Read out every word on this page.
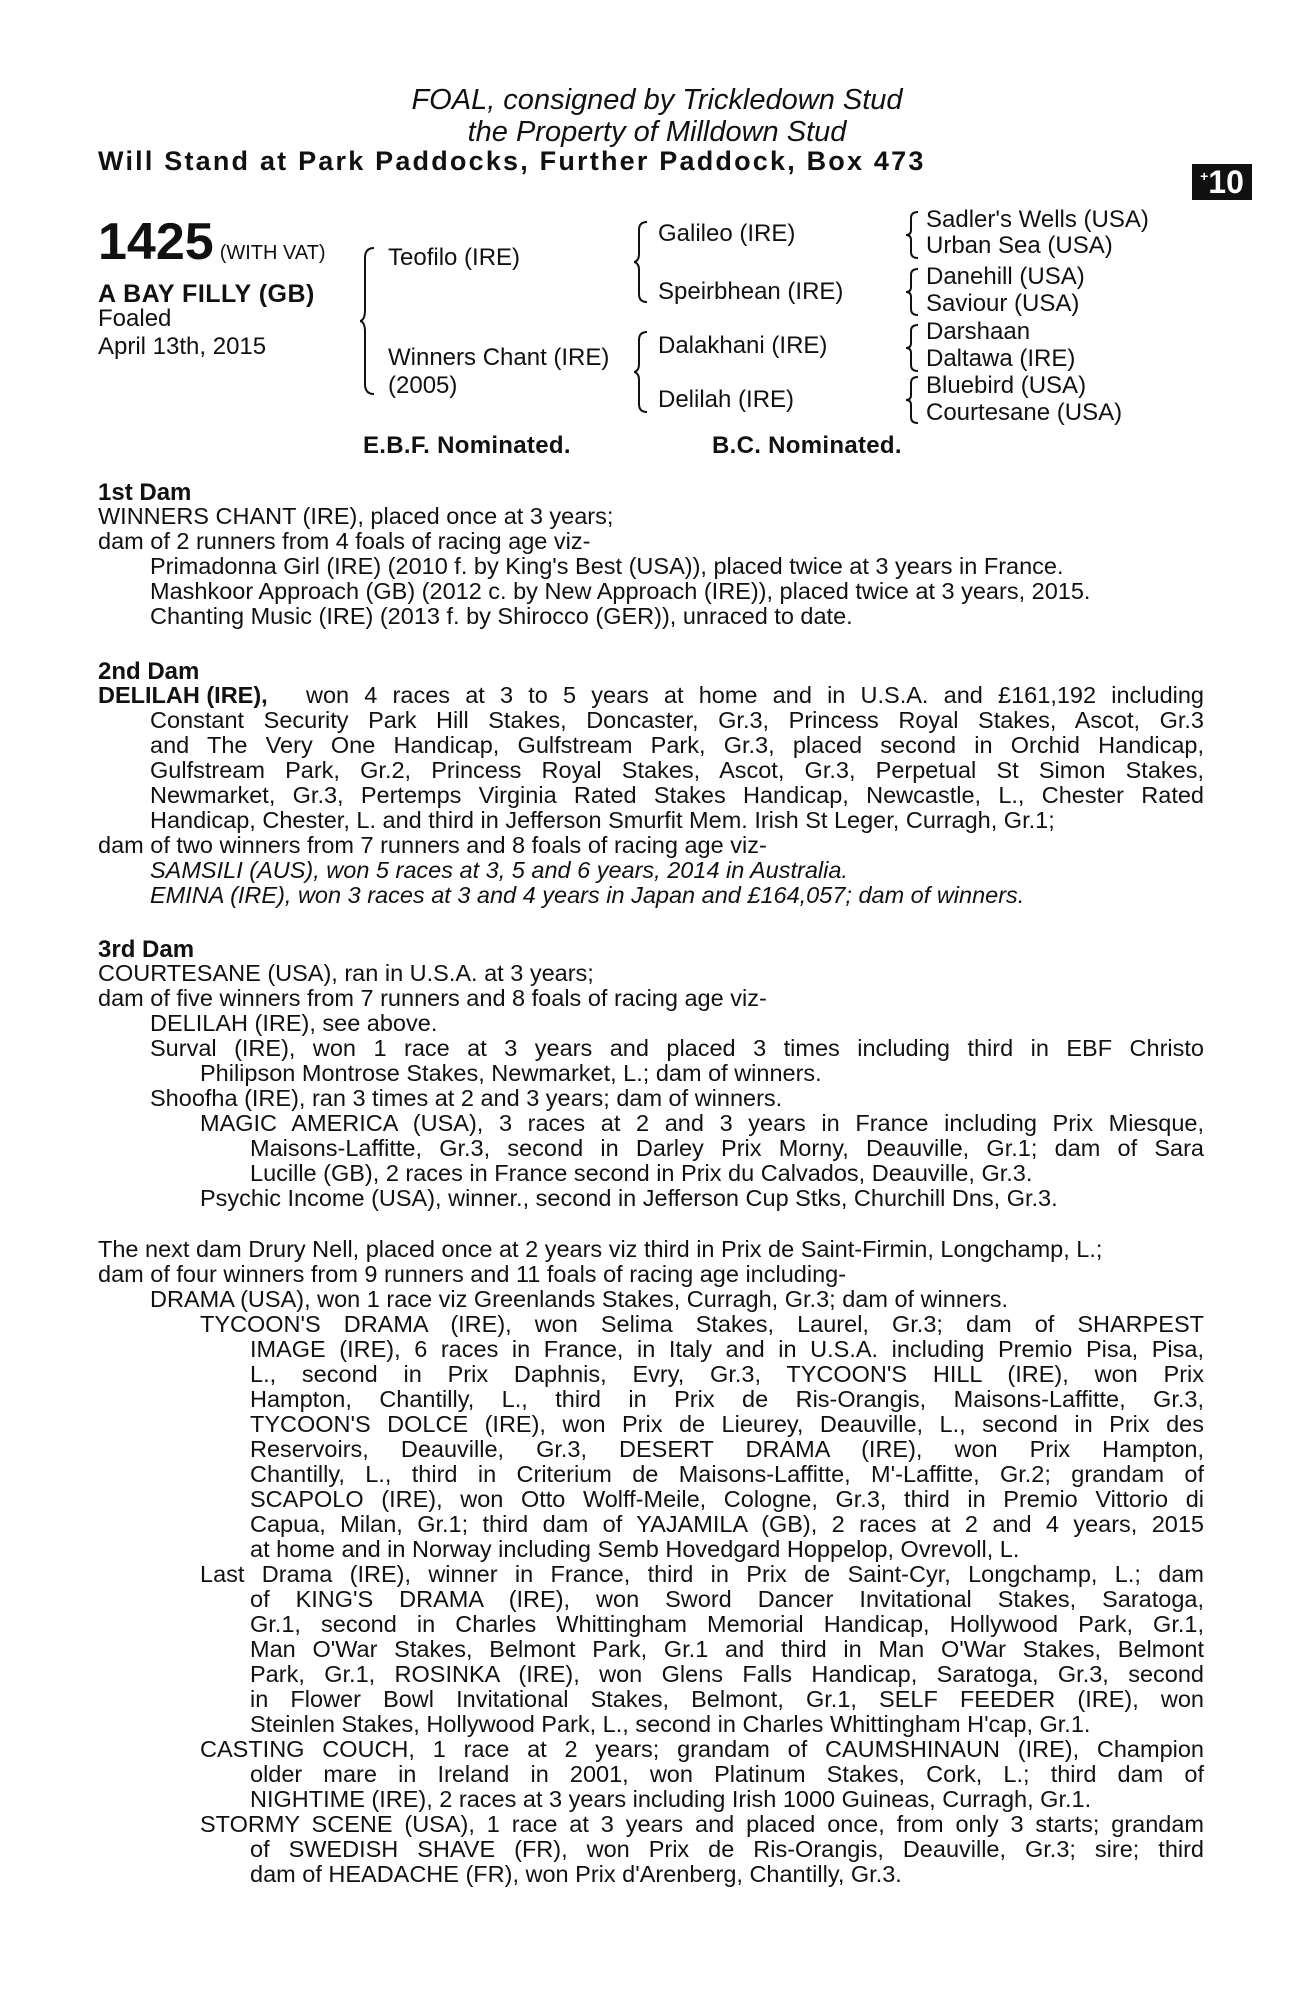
FOAL, consigned by Trickledown Stud
the Property of Milldown Stud
Will Stand at Park Paddocks, Further Paddock, Box 473	+10
1425 (WITH VAT)
A BAY FILLY (GB)
Foaled
April 13th, 2015
Teofilo (IRE)
Winners Chant (IRE)
(2005)
Galileo (IRE)
Speirbhean (IRE)
Dalakhani (IRE)
Delilah (IRE)
Sadler's Wells (USA)
Urban Sea (USA)
Danehill (USA)
Saviour (USA)
Darshaan
Daltawa (IRE)
Bluebird (USA)
Courtesane (USA)
E.B.F. Nominated.	B.C. Nominated.
1st Dam
WINNERS CHANT (IRE), placed once at 3 years;
dam of 2 runners from 4 foals of racing age viz-
Primadonna Girl (IRE) (2010 f. by King's Best (USA)), placed twice at 3 years in France.
Mashkoor Approach (GB) (2012 c. by New Approach (IRE)), placed twice at 3 years, 2015.
Chanting Music (IRE) (2013 f. by Shirocco (GER)), unraced to date.
2nd Dam
DELILAH (IRE), won 4 races at 3 to 5 years at home and in U.S.A. and £161,192 including
Constant Security Park Hill Stakes, Doncaster, Gr.3, Princess Royal Stakes, Ascot, Gr.3
and The Very One Handicap, Gulfstream Park, Gr.3, placed second in Orchid Handicap,
Gulfstream Park, Gr.2, Princess Royal Stakes, Ascot, Gr.3, Perpetual St Simon Stakes,
Newmarket, Gr.3, Pertemps Virginia Rated Stakes Handicap, Newcastle, L., Chester Rated
Handicap, Chester, L. and third in Jefferson Smurfit Mem. Irish St Leger, Curragh, Gr.1;
dam of two winners from 7 runners and 8 foals of racing age viz-
SAMSILI (AUS), won 5 races at 3, 5 and 6 years, 2014 in Australia.
EMINA (IRE), won 3 races at 3 and 4 years in Japan and £164,057; dam of winners.
3rd Dam
COURTESANE (USA), ran in U.S.A. at 3 years;
dam of five winners from 7 runners and 8 foals of racing age viz-
DELILAH (IRE), see above.
Surval (IRE), won 1 race at 3 years and placed 3 times including third in EBF Christo
Philipson Montrose Stakes, Newmarket, L.; dam of winners.
Shoofha (IRE), ran 3 times at 2 and 3 years; dam of winners.
MAGIC AMERICA (USA), 3 races at 2 and 3 years in France including Prix Miesque,
Maisons-Laffitte, Gr.3, second in Darley Prix Morny, Deauville, Gr.1; dam of Sara
Lucille (GB), 2 races in France second in Prix du Calvados, Deauville, Gr.3.
Psychic Income (USA), winner., second in Jefferson Cup Stks, Churchill Dns, Gr.3.
The next dam Drury Nell, placed once at 2 years viz third in Prix de Saint-Firmin, Longchamp, L.;
dam of four winners from 9 runners and 11 foals of racing age including-
DRAMA (USA), won 1 race viz Greenlands Stakes, Curragh, Gr.3; dam of winners.
TYCOON'S DRAMA (IRE), won Selima Stakes, Laurel, Gr.3; dam of SHARPEST
IMAGE (IRE), 6 races in France, in Italy and in U.S.A. including Premio Pisa, Pisa,
L., second in Prix Daphnis, Evry, Gr.3, TYCOON'S HILL (IRE), won Prix
Hampton, Chantilly, L., third in Prix de Ris-Orangis, Maisons-Laffitte, Gr.3,
TYCOON'S DOLCE (IRE), won Prix de Lieurey, Deauville, L., second in Prix des
Reservoirs, Deauville, Gr.3, DESERT DRAMA (IRE), won Prix Hampton,
Chantilly, L., third in Criterium de Maisons-Laffitte, M'-Laffitte, Gr.2; grandam of
SCAPOLO (IRE), won Otto Wolff-Meile, Cologne, Gr.3, third in Premio Vittorio di
Capua, Milan, Gr.1; third dam of YAJAMILA (GB), 2 races at 2 and 4 years, 2015
at home and in Norway including Semb Hovedgard Hoppelop, Ovrevoll, L.
Last Drama (IRE), winner in France, third in Prix de Saint-Cyr, Longchamp, L.; dam
of KING'S DRAMA (IRE), won Sword Dancer Invitational Stakes, Saratoga,
Gr.1, second in Charles Whittingham Memorial Handicap, Hollywood Park, Gr.1,
Man O'War Stakes, Belmont Park, Gr.1 and third in Man O'War Stakes, Belmont
Park, Gr.1, ROSINKA (IRE), won Glens Falls Handicap, Saratoga, Gr.3, second
in Flower Bowl Invitational Stakes, Belmont, Gr.1, SELF FEEDER (IRE), won
Steinlen Stakes, Hollywood Park, L., second in Charles Whittingham H'cap, Gr.1.
CASTING COUCH, 1 race at 2 years; grandam of CAUMSHINAUN (IRE), Champion
older mare in Ireland in 2001, won Platinum Stakes, Cork, L.; third dam of
NIGHTIME (IRE), 2 races at 3 years including Irish 1000 Guineas, Curragh, Gr.1.
STORMY SCENE (USA), 1 race at 3 years and placed once, from only 3 starts; grandam
of SWEDISH SHAVE (FR), won Prix de Ris-Orangis, Deauville, Gr.3; sire; third
dam of HEADACHE (FR), won Prix d'Arenberg, Chantilly, Gr.3.
